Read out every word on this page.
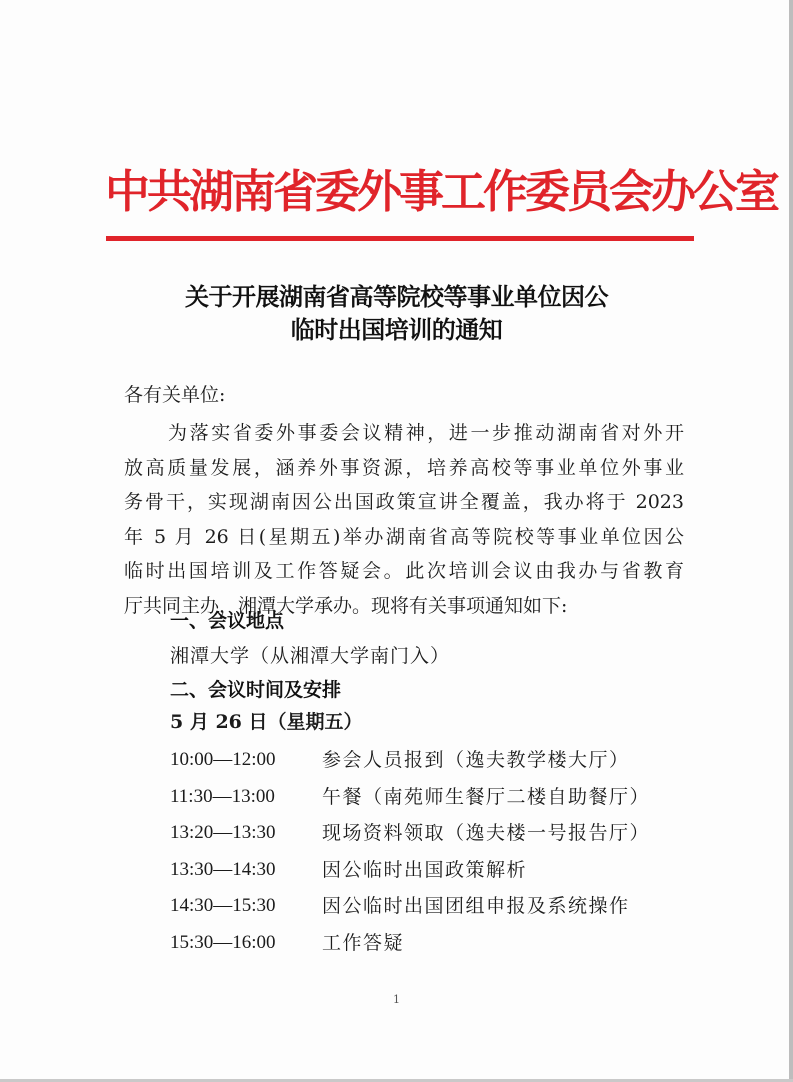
中共湖南省委外事工作委员会办公室
关于开展湖南省高等院校等事业单位因公
临时出国培训的通知
各有关单位:
为落实省委外事委会议精神，进一步推动湖南省对外开
放高质量发展，涵养外事资源，培养高校等事业单位外事业
务骨干，实现湖南因公出国政策宣讲全覆盖，我办将于 2023
年 5 月 26 日(星期五)举办湖南省高等院校等事业单位因公
临时出国培训及工作答疑会。此次培训会议由我办与省教育
厅共同主办，湘潭大学承办。现将有关事项通知如下:
一、会议地点
湘潭大学（从湘潭大学南门入）
二、会议时间及安排
5 月 26 日（星期五）
10:00—12:00 参会人员报到（逸夫教学楼大厅）
11:30—13:00 午餐（南苑师生餐厅二楼自助餐厅）
13:20—13:30 现场资料领取（逸夫楼一号报告厅）
13:30—14:30 因公临时出国政策解析
14:30—15:30 因公临时出国团组申报及系统操作
15:30—16:00 工作答疑
1
